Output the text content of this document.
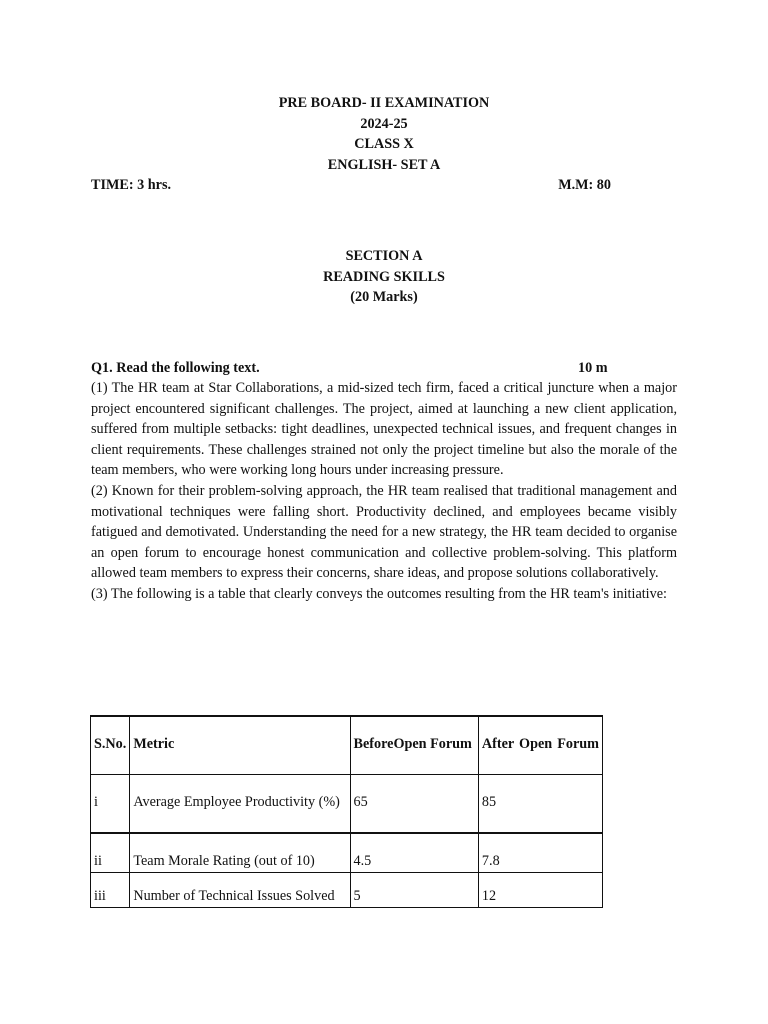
PRE BOARD- II EXAMINATION
2024-25
CLASS X
ENGLISH- SET A
TIME: 3 hrs.	M.M: 80
SECTION A
READING SKILLS
(20 Marks)
Q1. Read the following text.	10 m

(1) The HR team at Star Collaborations, a mid-sized tech firm, faced a critical juncture when a major project encountered significant challenges. The project, aimed at launching a new client application, suffered from multiple setbacks: tight deadlines, unexpected technical issues, and frequent changes in client requirements. These challenges strained not only the project timeline but also the morale of the team members, who were working long hours under increasing pressure.

(2) Known for their problem-solving approach, the HR team realised that traditional management and motivational techniques were falling short. Productivity declined, and employees became visibly fatigued and demotivated. Understanding the need for a new strategy, the HR team decided to organise an open forum to encourage honest communication and collective problem-solving. This platform allowed team members to express their concerns, share ideas, and propose solutions collaboratively.

(3) The following is a table that clearly conveys the outcomes resulting from the HR team's initiative:

S.No.	Metric	BeforeOpen Forum	After Open Forum
i	Average Employee Productivity (%)	65	85
ii	Team Morale Rating (out of 10)	4.5	7.8
iii	Number of Technical Issues Solved	5	12
